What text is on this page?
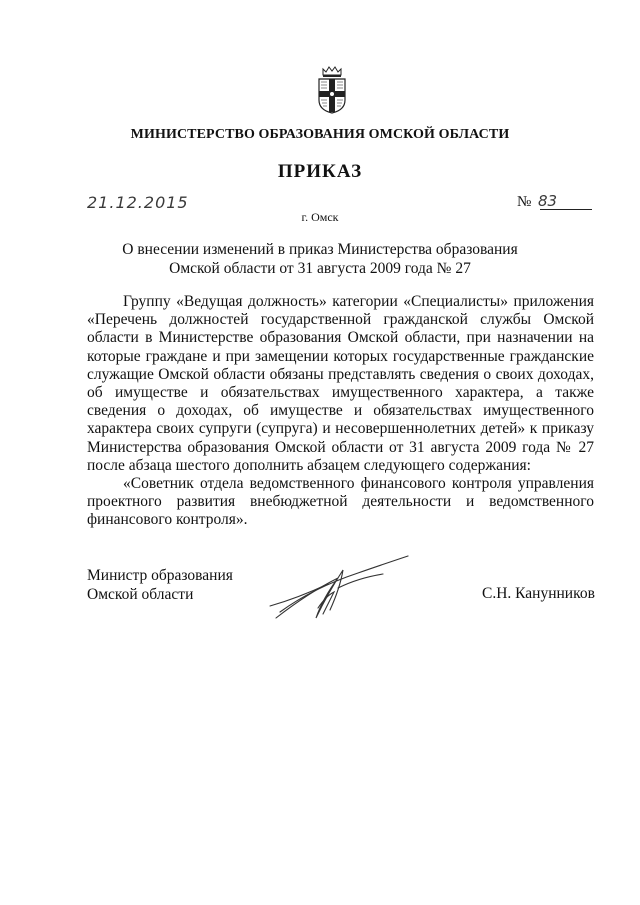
МИНИСТЕРСТВО ОБРАЗОВАНИЯ ОМСКОЙ ОБЛАСТИ
ПРИКАЗ
21.12.2015	№ 83
г. Омск
О внесении изменений в приказ Министерства образования
Омской области от 31 августа 2009 года № 27

Группу «Ведущая должность» категории «Специалисты» приложения «Перечень должностей государственной гражданской службы Омской области в Министерстве образования Омской области, при назначении на которые граждане и при замещении которых государственные гражданские служащие Омской области обязаны представлять сведения о своих доходах, об имуществе и обязательствах имущественного характера, а также сведения о доходах, об имуществе и обязательствах имущественного характера своих супруги (супруга) и несовершеннолетних детей» к приказу Министерства образования Омской области от 31 августа 2009 года № 27 после абзаца шестого дополнить абзацем следующего содержания:

«Советник отдела ведомственного финансового контроля управления проектного развития внебюджетной деятельности и ведомственного финансового контроля».

Министр образования
Омской области	С.Н. Канунников
